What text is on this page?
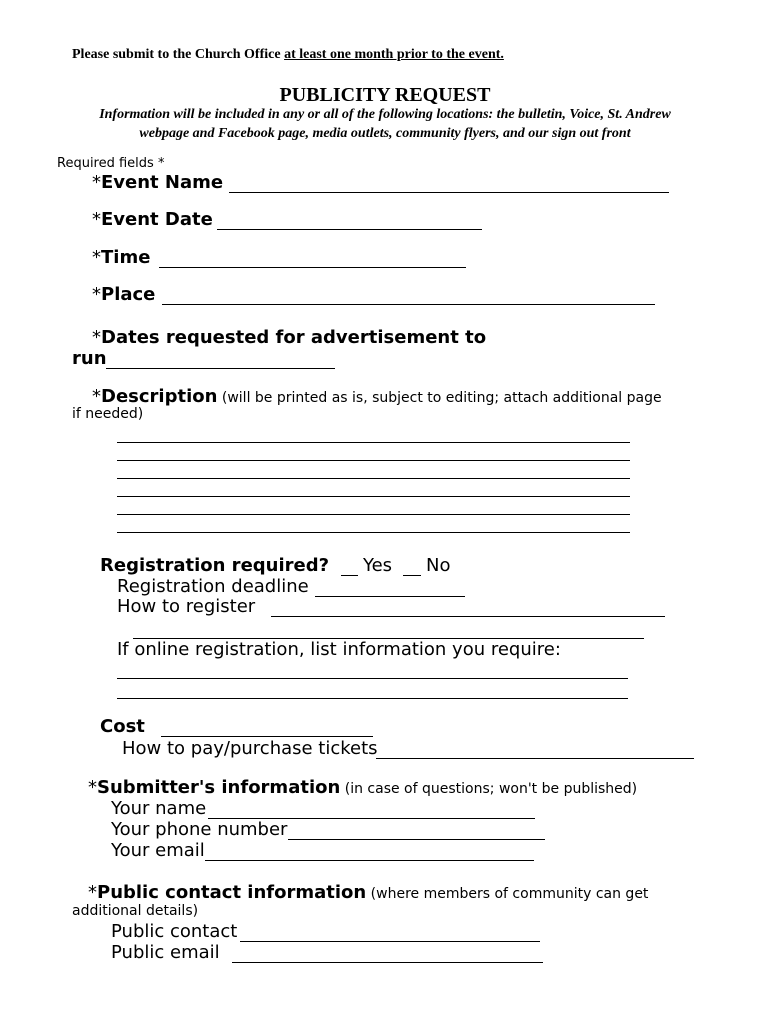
Please submit to the Church Office at least one month prior to the event.
PUBLICITY REQUEST
Information will be included in any or all of the following locations: the bulletin, Voice, St. Andrew
webpage and Facebook page, media outlets, community flyers, and our sign out front
Required fields *
*Event Name
*Event Date
*Time
*Place
*Dates requested for advertisement to
run
*Description (will be printed as is, subject to editing; attach additional page
if needed)
Registration required? Yes No
Registration deadline
How to register
If online registration, list information you require:
Cost
How to pay/purchase tickets
*Submitter's information (in case of questions; won't be published)
Your name
Your phone number
Your email
*Public contact information (where members of community can get
additional details)
Public contact
Public email
